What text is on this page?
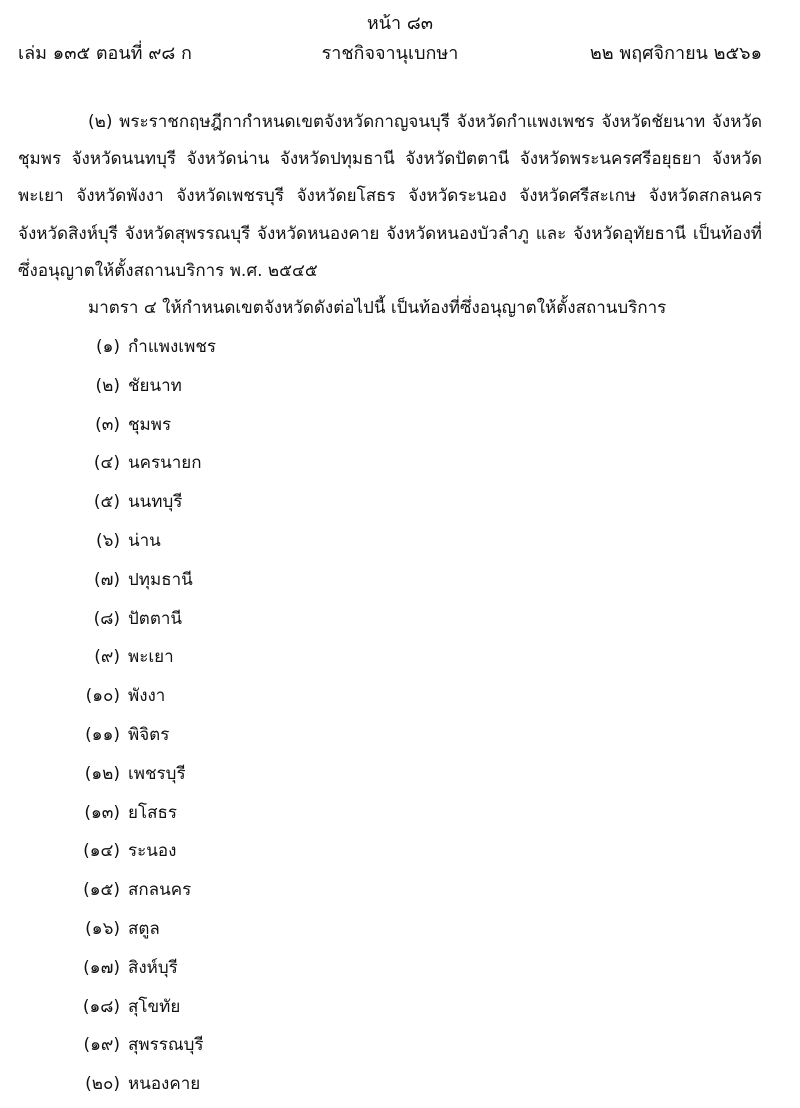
หน้า ๘๓
ราชกิจจานุเบกษา
เล่ม ๑๓๕ ตอนที่ ๙๘ ก	๒๒ พฤศจิกายน ๒๕๖๑

(๒) พระราชกฤษฎีกากำหนดเขตจังหวัดกาญจนบุรี จังหวัดกำแพงเพชร จังหวัดชัยนาท จังหวัดชุมพร จังหวัดนนทบุรี จังหวัดน่าน จังหวัดปทุมธานี จังหวัดปัตตานี จังหวัดพระนครศรีอยุธยา จังหวัดพะเยา จังหวัดพังงา จังหวัดเพชรบุรี จังหวัดยโสธร จังหวัดระนอง จังหวัดศรีสะเกษ จังหวัดสกลนคร จังหวัดสิงห์บุรี จังหวัดสุพรรณบุรี จังหวัดหนองคาย จังหวัดหนองบัวลำภู และ จังหวัดอุทัยธานี เป็นท้องที่ซึ่งอนุญาตให้ตั้งสถานบริการ พ.ศ. ๒๕๔๕

มาตรา ๔ ให้กำหนดเขตจังหวัดดังต่อไปนี้ เป็นท้องที่ซึ่งอนุญาตให้ตั้งสถานบริการ

(๑) กำแพงเพชร
(๒) ชัยนาท
(๓) ชุมพร
(๔) นครนายก
(๕) นนทบุรี
(๖) น่าน
(๗) ปทุมธานี
(๘) ปัตตานี
(๙) พะเยา
(๑๐) พังงา
(๑๑) พิจิตร
(๑๒) เพชรบุรี
(๑๓) ยโสธร
(๑๔) ระนอง
(๑๕) สกลนคร
(๑๖) สตูล
(๑๗) สิงห์บุรี
(๑๘) สุโขทัย
(๑๙) สุพรรณบุรี
(๒๐) หนองคาย
